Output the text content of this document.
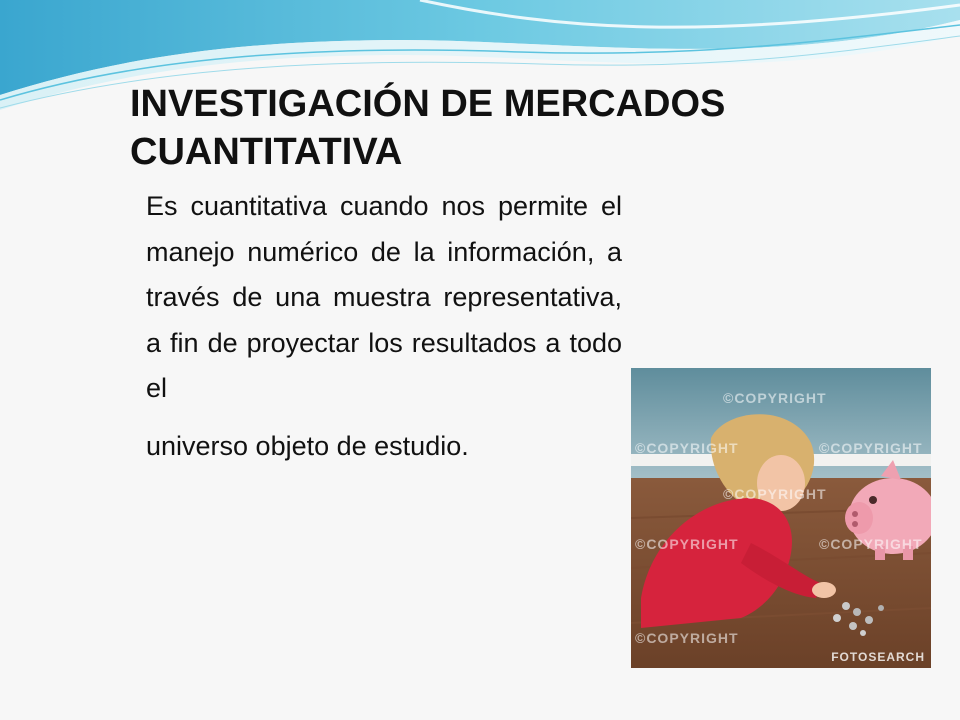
INVESTIGACIÓN DE MERCADOS CUANTITATIVA

Es cuantitativa cuando nos permite el manejo numérico de la información, a través de una muestra representativa, a fin de proyectar los resultados a todo el
universo objeto de estudio.

©COPYRIGHT
©COPYRIGHT	©COPYRIGHT
©COPYRIGHT
©COPYRIGHT	©COPYRIGHT
©COPYRIGHT
FOTOSEARCH
